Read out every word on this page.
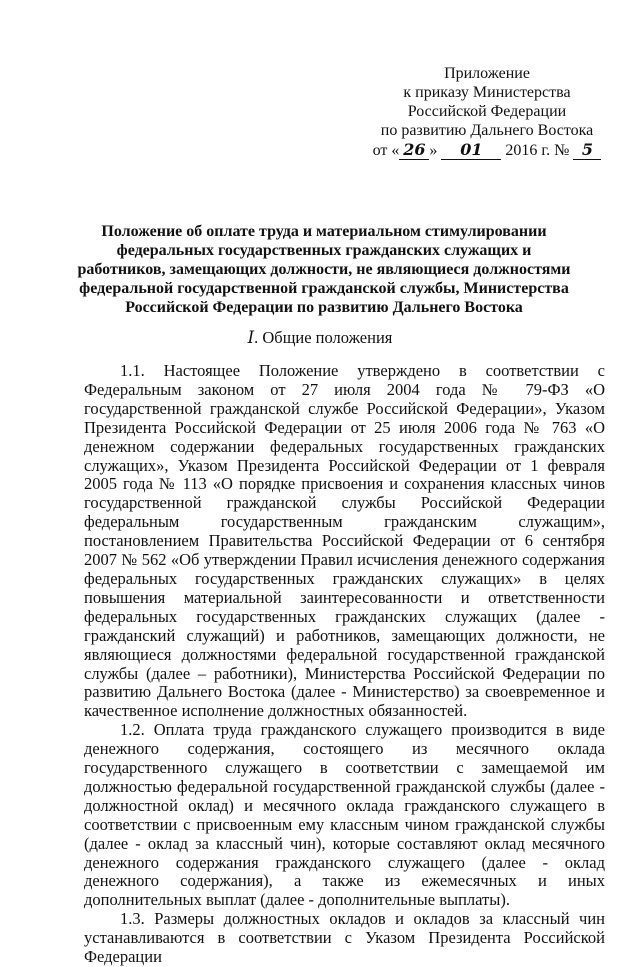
Приложение
к приказу Министерства
Российской Федерации
по развитию Дальнего Востока
от « 26 » 01 2016 г. № 5
Положение об оплате труда и материальном стимулировании федеральных государственных гражданских служащих и работников, замещающих должности, не являющиеся должностями федеральной государственной гражданской службы, Министерства Российской Федерации по развитию Дальнего Востока
I. Общие положения

1.1. Настоящее Положение утверждено в соответствии с Федеральным законом от 27 июля 2004 года № 79-ФЗ «О государственной гражданской службе Российской Федерации», Указом Президента Российской Федерации от 25 июля 2006 года № 763 «О денежном содержании федеральных государственных гражданских служащих», Указом Президента Российской Федерации от 1 февраля 2005 года № 113 «О порядке присвоения и сохранения классных чинов государственной гражданской службы Российской Федерации федеральным государственным гражданским служащим», постановлением Правительства Российской Федерации от 6 сентября 2007 № 562 «Об утверждении Правил исчисления денежного содержания федеральных государственных гражданских служащих» в целях повышения материальной заинтересованности и ответственности федеральных государственных гражданских служащих (далее - гражданский служащий) и работников, замещающих должности, не являющиеся должностями федеральной государственной гражданской службы (далее – работники), Министерства Российской Федерации по развитию Дальнего Востока (далее - Министерство) за своевременное и качественное исполнение должностных обязанностей.

1.2. Оплата труда гражданского служащего производится в виде денежного содержания, состоящего из месячного оклада государственного служащего в соответствии с замещаемой им должностью федеральной государственной гражданской службы (далее - должностной оклад) и месячного оклада гражданского служащего в соответствии с присвоенным ему классным чином гражданской службы (далее - оклад за классный чин), которые составляют оклад месячного денежного содержания гражданского служащего (далее - оклад денежного содержания), а также из ежемесячных и иных дополнительных выплат (далее - дополнительные выплаты).

1.3. Размеры должностных окладов и окладов за классный чин устанавливаются в соответствии с Указом Президента Российской Федерации
